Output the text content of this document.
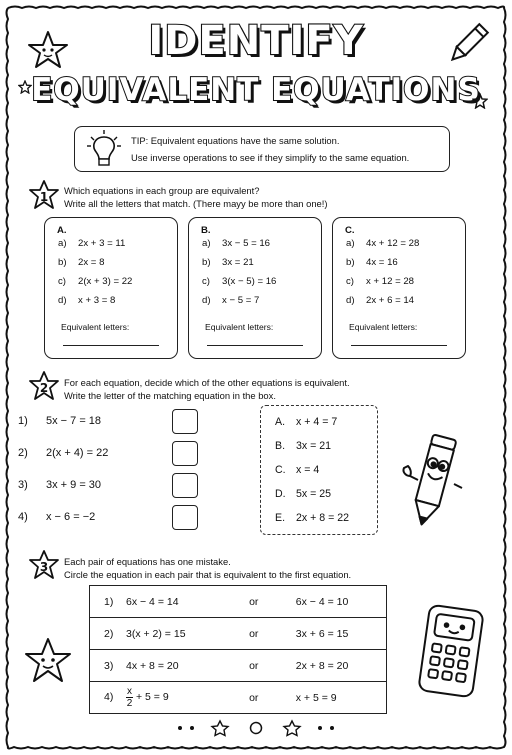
IDENTIFY
EQUIVALENT EQUATIONS
TIP: Equivalent equations have the same solution.
Use inverse operations to see if they simplify to the same equation.
1 Which equations in each group are equivalent?
Write all the letters that match. (There mayy be more than one!)
A.
a) 2x + 3 = 11
b) 2x = 8
c) 2(x + 3) = 22
d) x + 3 = 8
Equivalent letters:
B.
a) 3x − 5 = 16
b) 3x = 21
c) 3(x − 5) = 16
d) x − 5 = 7
Equivalent letters:
C.
a) 4x + 12 = 28
b) 4x = 16
c) x + 12 = 28
d) 2x + 6 = 14
Equivalent letters:
2 For each equation, decide which of the other equations is equivalent.
Write the letter of the matching equation in the box.
1) 5x − 7 = 18
2) 2(x + 4) = 22
3) 3x + 9 = 30
4) x − 6 = −2
A. x + 4 = 7
B. 3x = 21
C. x = 4
D. 5x = 25
E. 2x + 8 = 22
3 Each pair of equations has one mistake.
Circle the equation in each pair that is equivalent to the first equation.
1) 6x − 4 = 14	or	6x − 4 = 10
2) 3(x + 2) = 15	or	3x + 6 = 15
3) 4x + 8 = 20	or	2x + 8 = 20
$4) \frac{x}{2} + 5 = 9$	or	x + 5 = 9
